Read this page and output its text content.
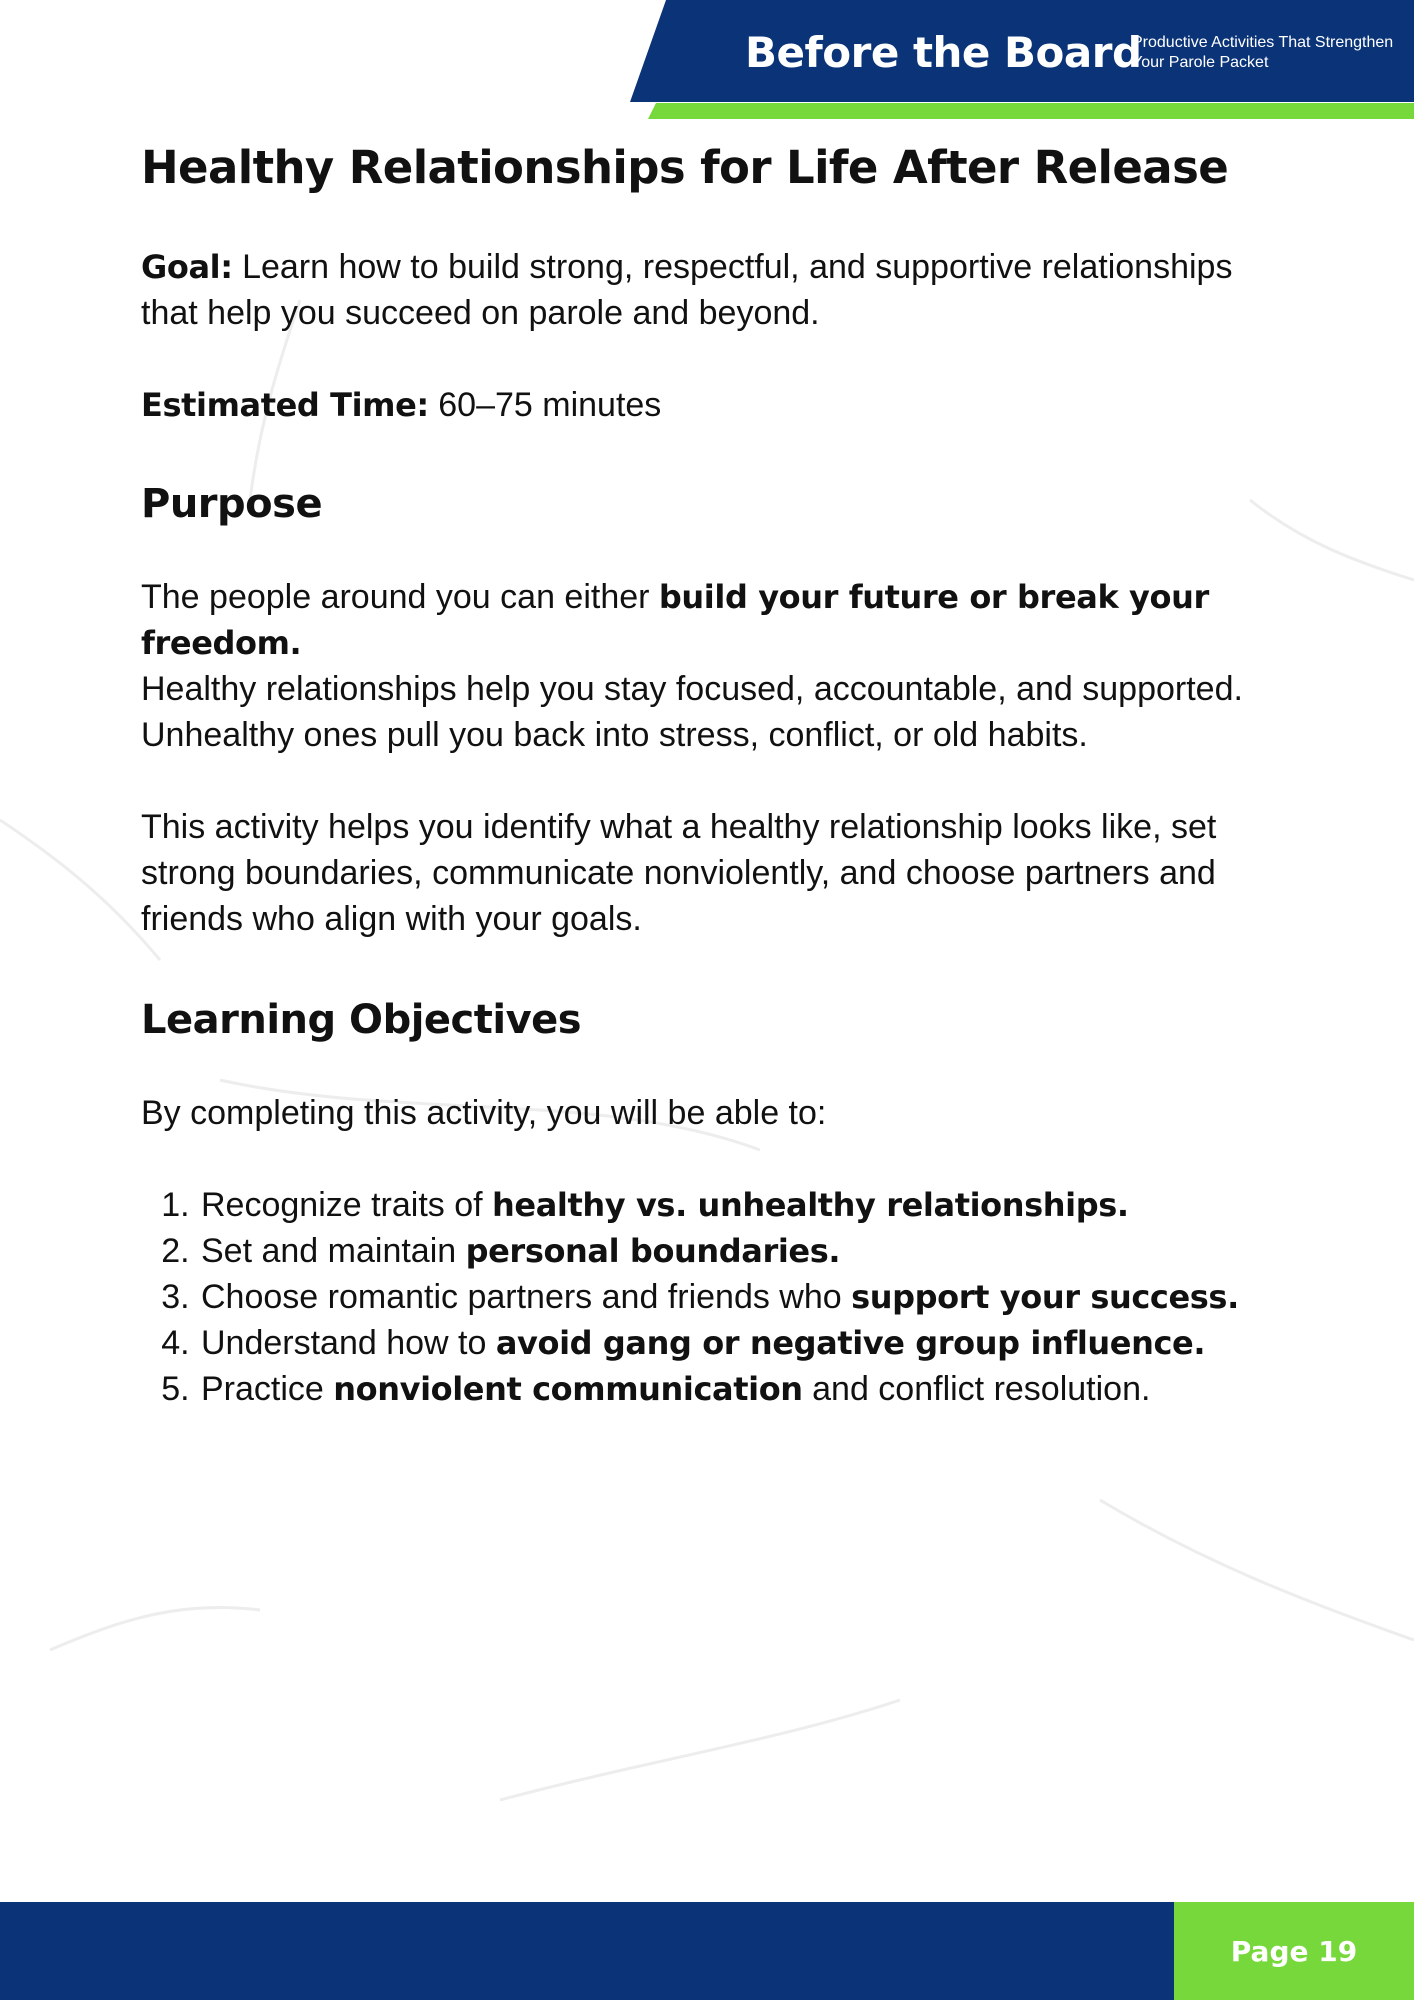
Before the Board
Productive Activities That Strengthen Your Parole Packet
Healthy Relationships for Life After Release

Goal: Learn how to build strong, respectful, and supportive relationships that help you succeed on parole and beyond.

Estimated Time: 60–75 minutes

Purpose

The people around you can either build your future or break your freedom.
Healthy relationships help you stay focused, accountable, and supported. Unhealthy ones pull you back into stress, conflict, or old habits.

This activity helps you identify what a healthy relationship looks like, set strong boundaries, communicate nonviolently, and choose partners and friends who align with your goals.

Learning Objectives

By completing this activity, you will be able to:

1. Recognize traits of healthy vs. unhealthy relationships.
2. Set and maintain personal boundaries.
3. Choose romantic partners and friends who support your success.
4. Understand how to avoid gang or negative group influence.
5. Practice nonviolent communication and conflict resolution.
Page 19
